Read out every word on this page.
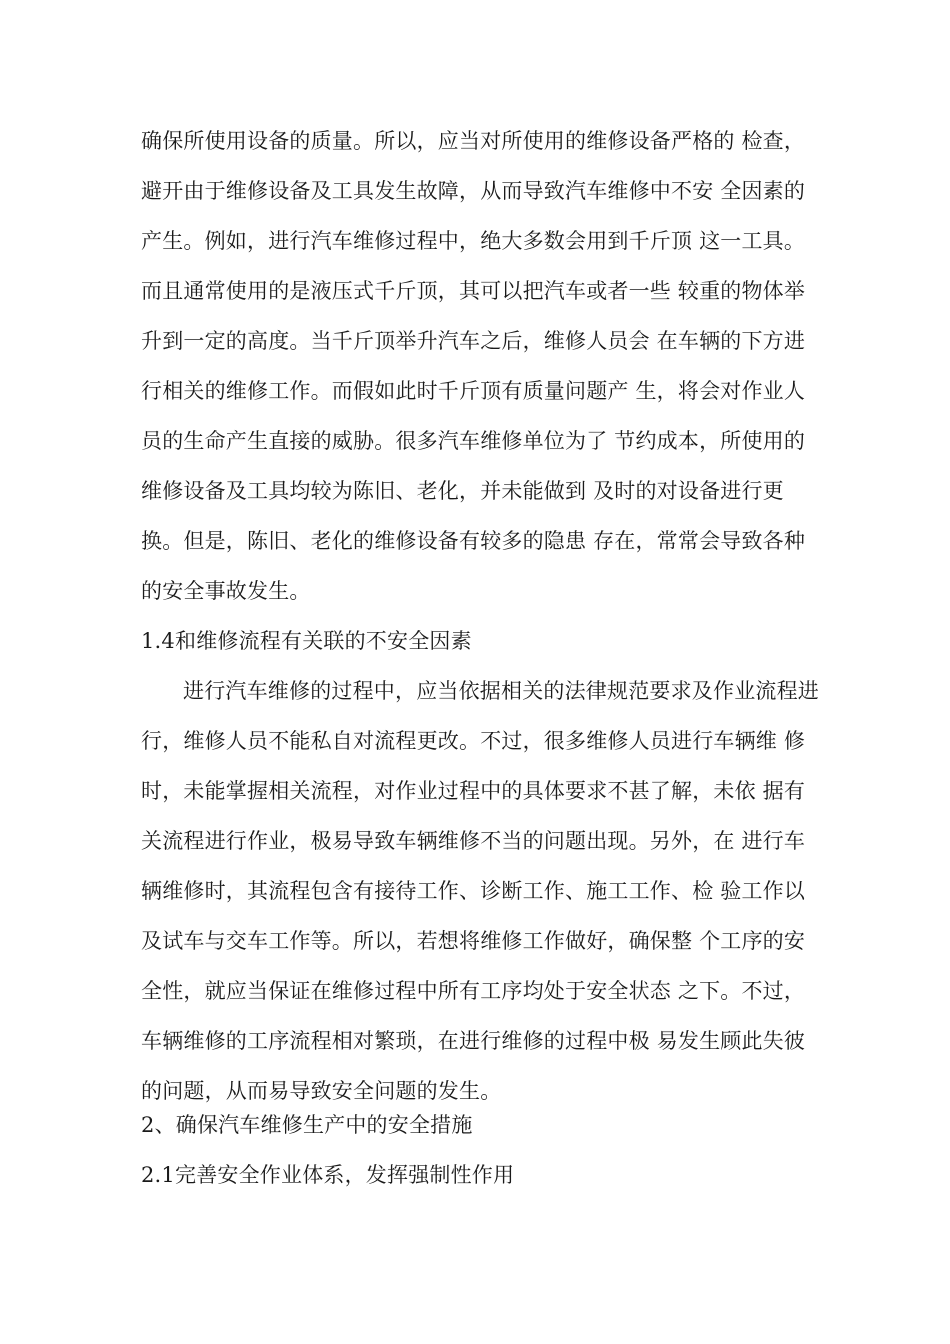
确保所使用设备的质量。所以，应当对所使用的维修设备严格的 检查，
避开由于维修设备及工具发生故障，从而导致汽车维修中不安 全因素的
产生。例如，进行汽车维修过程中，绝大多数会用到千斤顶 这一工具。
而且通常使用的是液压式千斤顶，其可以把汽车或者一些 较重的物体举
升到一定的高度。当千斤顶举升汽车之后，维修人员会 在车辆的下方进
行相关的维修工作。而假如此时千斤顶有质量问题产 生，将会对作业人
员的生命产生直接的威胁。很多汽车维修单位为了 节约成本，所使用的
维修设备及工具均较为陈旧、老化，并未能做到 及时的对设备进行更
换。但是，陈旧、老化的维修设备有较多的隐患 存在，常常会导致各种
的安全事故发生。
1.4和维修流程有关联的不安全因素
进行汽车维修的过程中，应当依据相关的法律规范要求及作业流程进
行，维修人员不能私自对流程更改。不过，很多维修人员进行车辆维 修
时，未能掌握相关流程，对作业过程中的具体要求不甚了解，未依 据有
关流程进行作业，极易导致车辆维修不当的问题出现。另外，在 进行车
辆维修时，其流程包含有接待工作、诊断工作、施工工作、检 验工作以
及试车与交车工作等。所以，若想将维修工作做好，确保整 个工序的安
全性，就应当保证在维修过程中所有工序均处于安全状态 之下。不过，
车辆维修的工序流程相对繁琐，在进行维修的过程中极 易发生顾此失彼
的问题，从而易导致安全问题的发生。
2、确保汽车维修生产中的安全措施
2.1完善安全作业体系，发挥强制性作用
